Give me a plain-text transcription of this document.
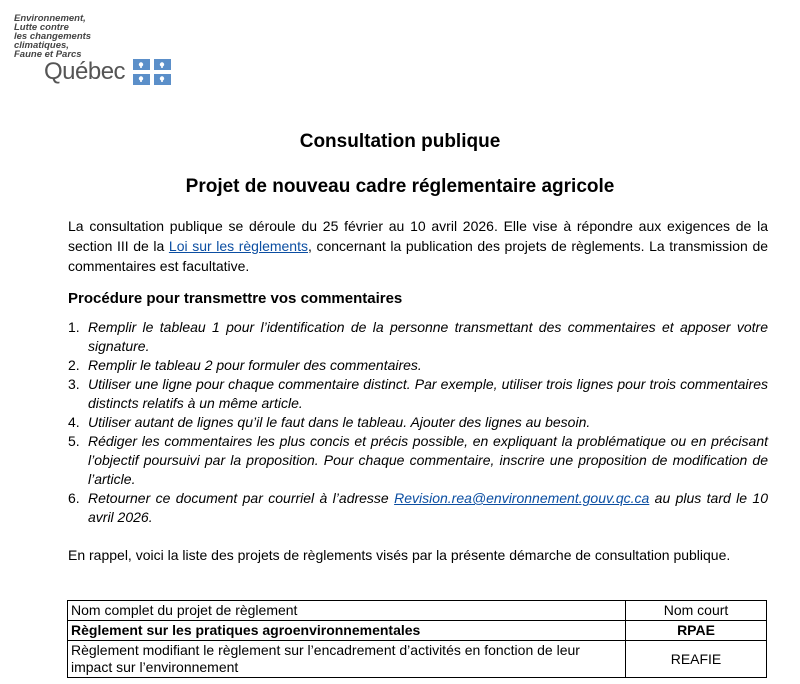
Environnement,
Lutte contre
les changements
climatiques,
Faune et Parcs
Québec
Consultation publique
Projet de nouveau cadre réglementaire agricole

La consultation publique se déroule du 25 février au 10 avril 2026. Elle vise à répondre aux exigences de la section III de la Loi sur les règlements, concernant la publication des projets de règlements. La transmission de commentaires est facultative.

Procédure pour transmettre vos commentaires
1. Remplir le tableau 1 pour l’identification de la personne transmettant des commentaires et apposer votre signature.
2. Remplir le tableau 2 pour formuler des commentaires.
3. Utiliser une ligne pour chaque commentaire distinct. Par exemple, utiliser trois lignes pour trois commentaires distincts relatifs à un même article.
4. Utiliser autant de lignes qu’il le faut dans le tableau. Ajouter des lignes au besoin.
5. Rédiger les commentaires les plus concis et précis possible, en expliquant la problématique ou en précisant l’objectif poursuivi par la proposition. Pour chaque commentaire, inscrire une proposition de modification de l’article.
6. Retourner ce document par courriel à l’adresse Revision.rea@environnement.gouv.qc.ca au plus tard le 10 avril 2026.

En rappel, voici la liste des projets de règlements visés par la présente démarche de consultation publique.

Nom complet du projet de règlement	Nom court
Règlement sur les pratiques agroenvironnementales	RPAE
Règlement modifiant le règlement sur l’encadrement d’activités en fonction de leur impact sur l’environnement	REAFIE
